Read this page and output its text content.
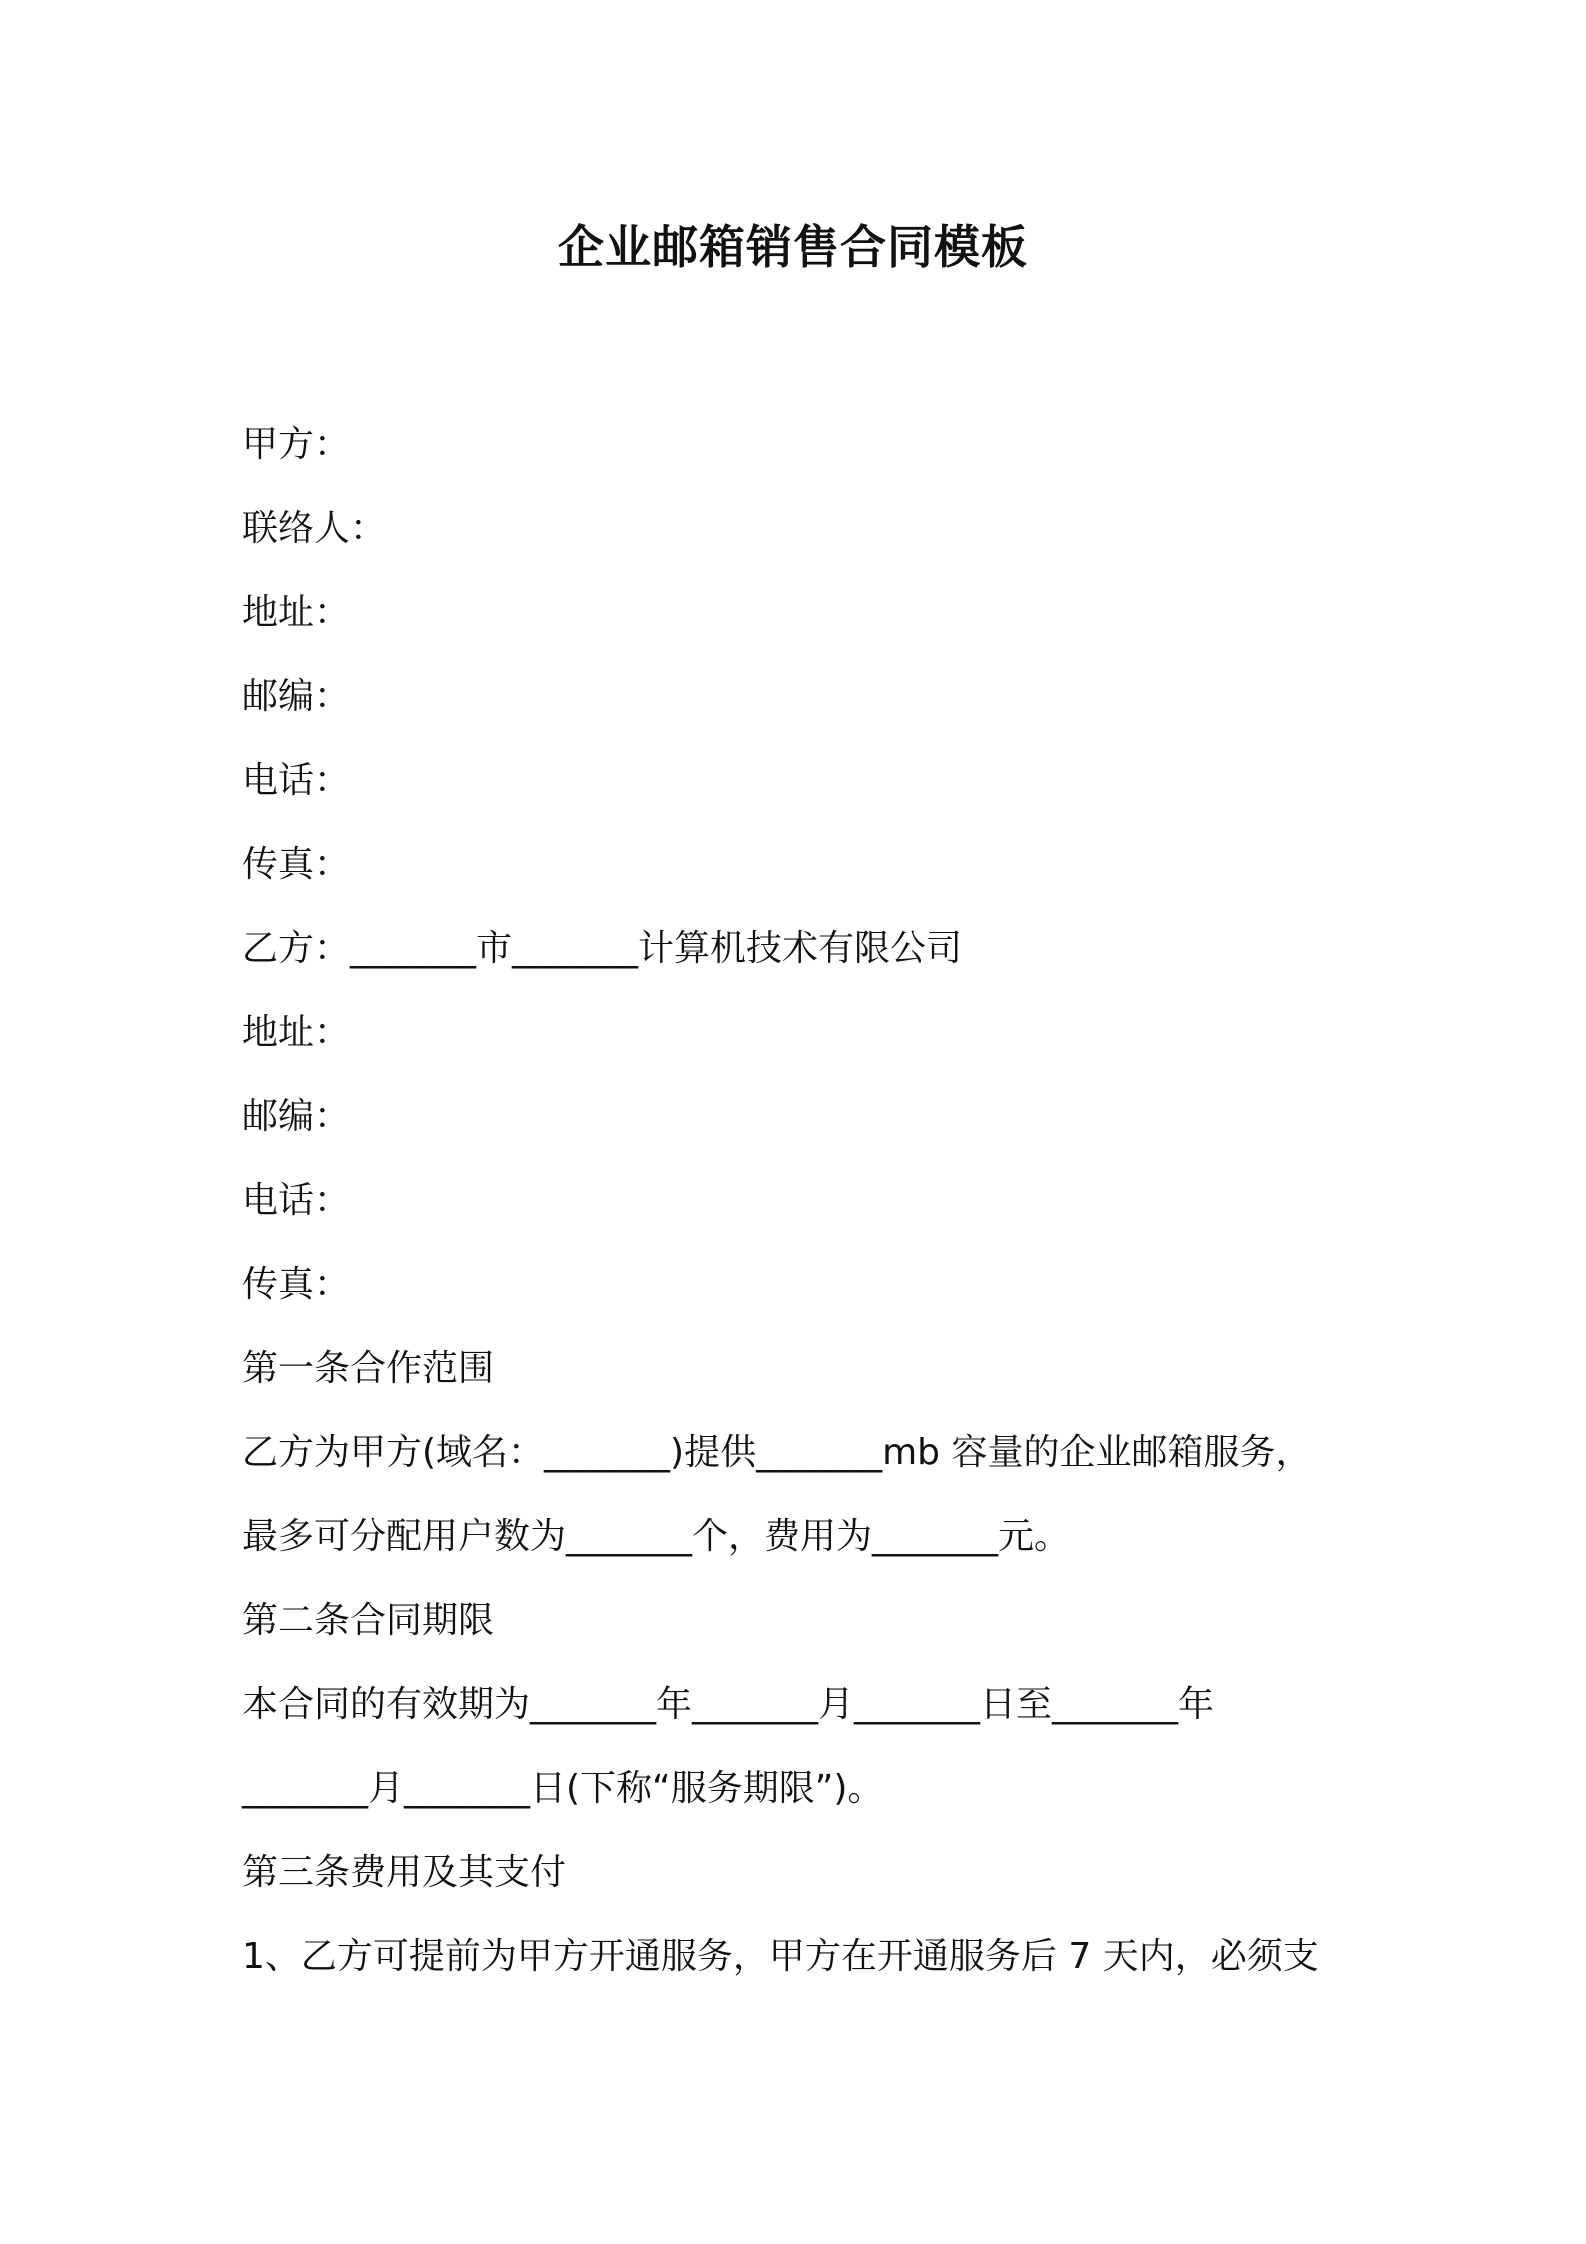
企业邮箱销售合同模板

甲方：

联络人：

地址：

邮编：

电话：

传真：

乙方：_______市_______计算机技术有限公司

地址：

邮编：

电话：

传真：

第一条合作范围

乙方为甲方(域名：_______)提供_______mb 容量的企业邮箱服务，

最多可分配用户数为_______个，费用为_______元。

第二条合同期限

本合同的有效期为_______年_______月_______日至_______年

_______月_______日(下称“服务期限”)。

第三条费用及其支付

1、乙方可提前为甲方开通服务，甲方在开通服务后 7 天内，必须支
